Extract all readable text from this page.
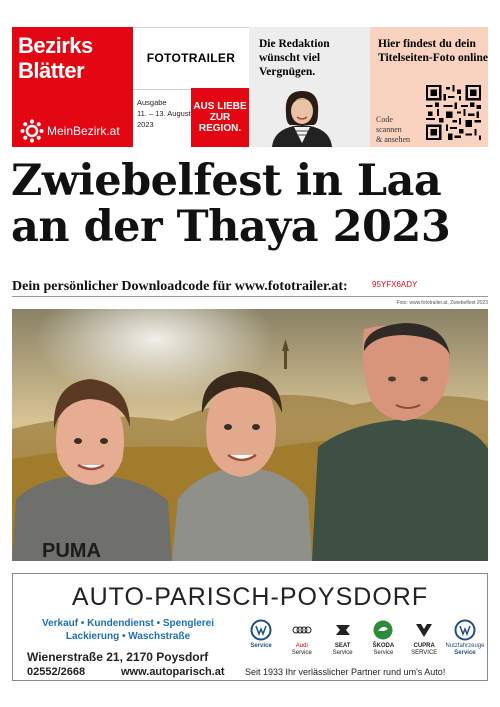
Bezirks
Blätter
MeinBezirk.at
FOTOTRAILER
Ausgabe
11. – 13. August
2023
AUS LIEBE
ZUR
REGION.
Die Redaktion wünscht viel Vergnügen.
Hier findest du dein Titelseiten-Foto online
Code
scannen
& ansehen
Zwiebelfest in Laa
an der Thaya 2023
Dein persönlicher Downloadcode für www.fototrailer.at:	95YFX6ADY
Foto: www.fototrailer.at, Zwiebelfest 2023
PUMA
AUTO-PARISCH-POYSDORF
Verkauf • Kundendienst • Spenglerei
Lackierung • Waschstraße
Wienerstraße 21, 2170 Poysdorf
02552/2668	www.autoparisch.at Seit 1933 Ihr verlässlicher Partner rund um's Auto!
Service	Audi
Service
SEAT
Service
ŠKODA
Service
CUPRA
SERVICE
Nutzfahrzeuge
Service
